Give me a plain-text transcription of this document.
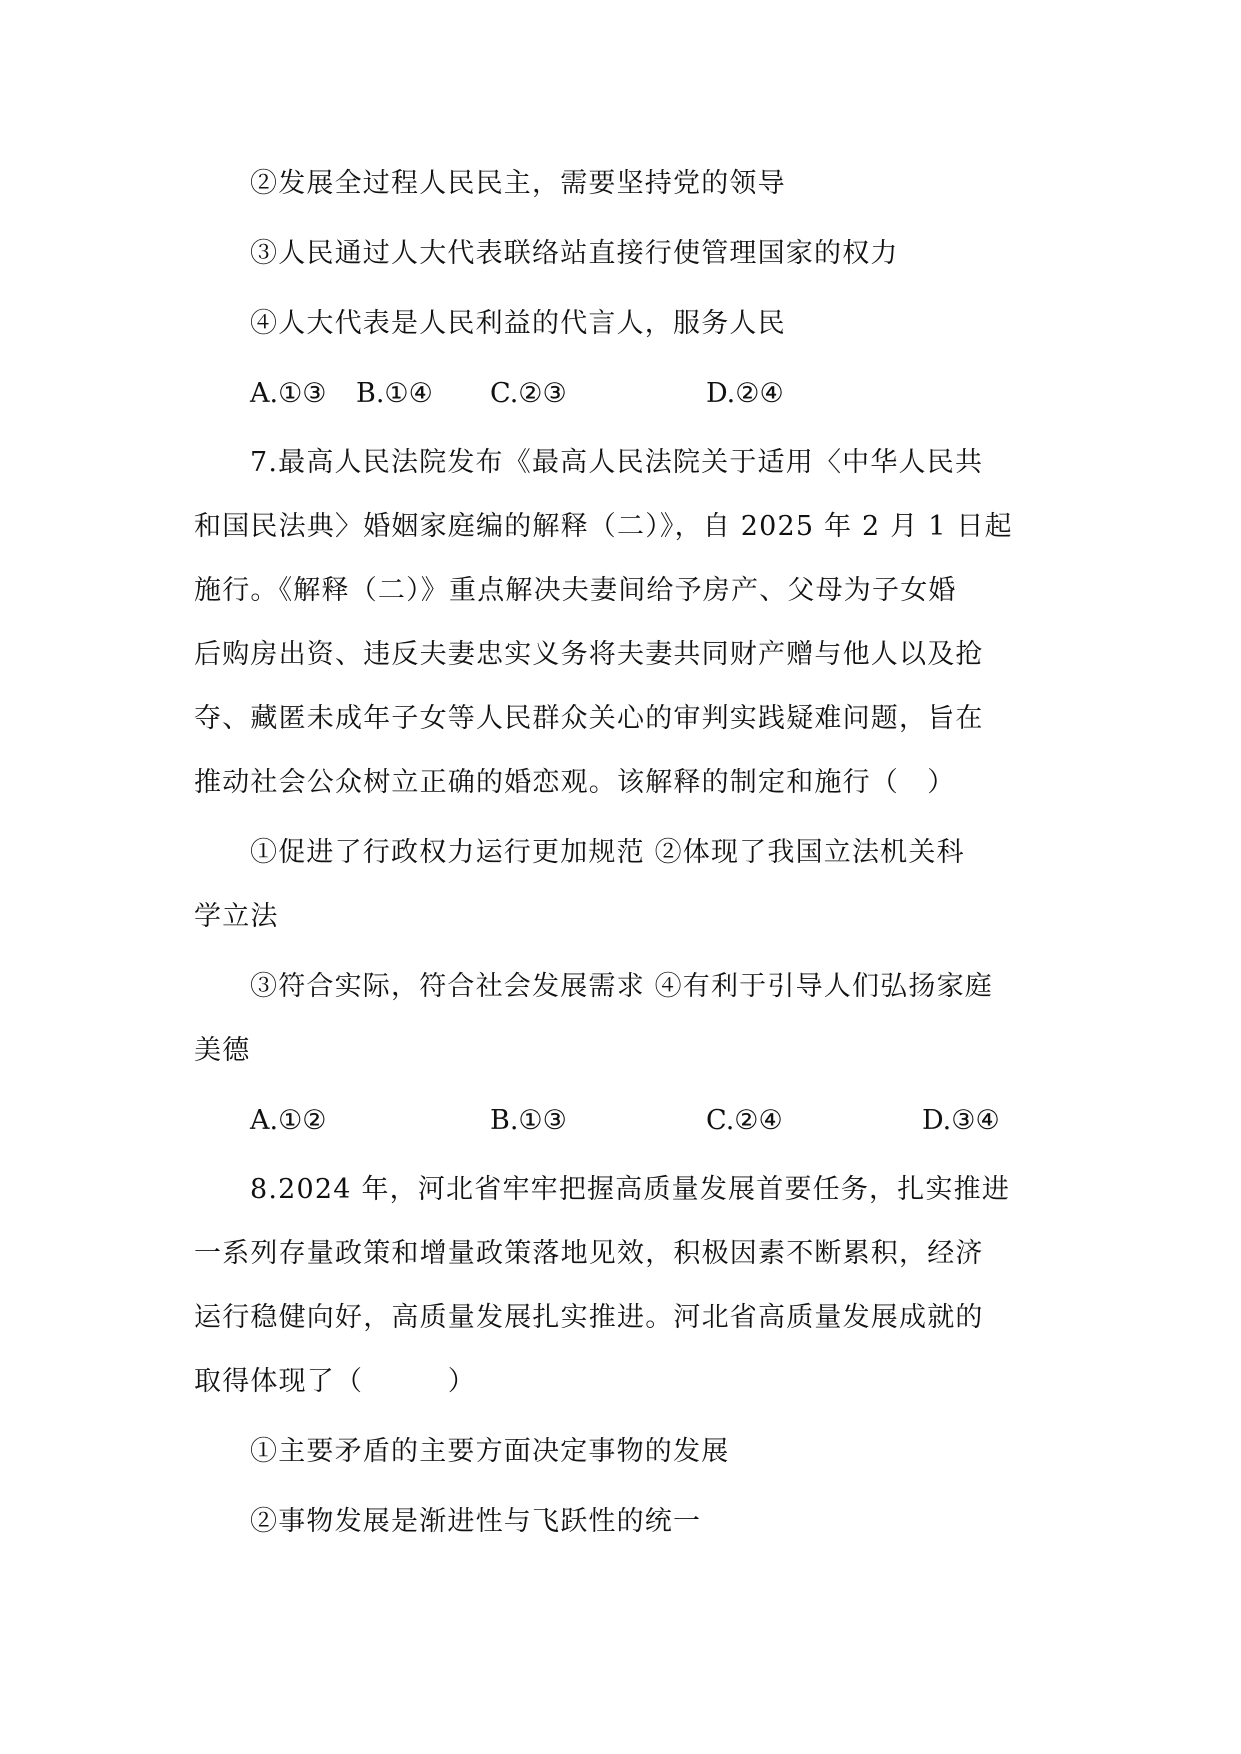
②发展全过程人民民主，需要坚持党的领导
③人民通过人大代表联络站直接行使管理国家的权力
④人大代表是人民利益的代言人，服务人民
A.①③ B.①④ C.②③	D.②④
7.最高人民法院发布《最高人民法院关于适用〈中华人民共
和国民法典〉婚姻家庭编的解释（二）》，自 2025 年 2 月 1 日起
施行。《解释（二）》重点解决夫妻间给予房产、父母为子女婚
后购房出资、违反夫妻忠实义务将夫妻共同财产赠与他人以及抢
夺、藏匿未成年子女等人民群众关心的审判实践疑难问题，旨在
推动社会公众树立正确的婚恋观。该解释的制定和施行（　）
①促进了行政权力运行更加规范 ②体现了我国立法机关科
学立法
③符合实际，符合社会发展需求 ④有利于引导人们弘扬家庭
美德
A.①②	B.①③	C.②④	D.③④
8.2024 年，河北省牢牢把握高质量发展首要任务，扎实推进
一系列存量政策和增量政策落地见效，积极因素不断累积，经济
运行稳健向好，高质量发展扎实推进。河北省高质量发展成就的
取得体现了（　　　）
①主要矛盾的主要方面决定事物的发展
②事物发展是渐进性与飞跃性的统一
